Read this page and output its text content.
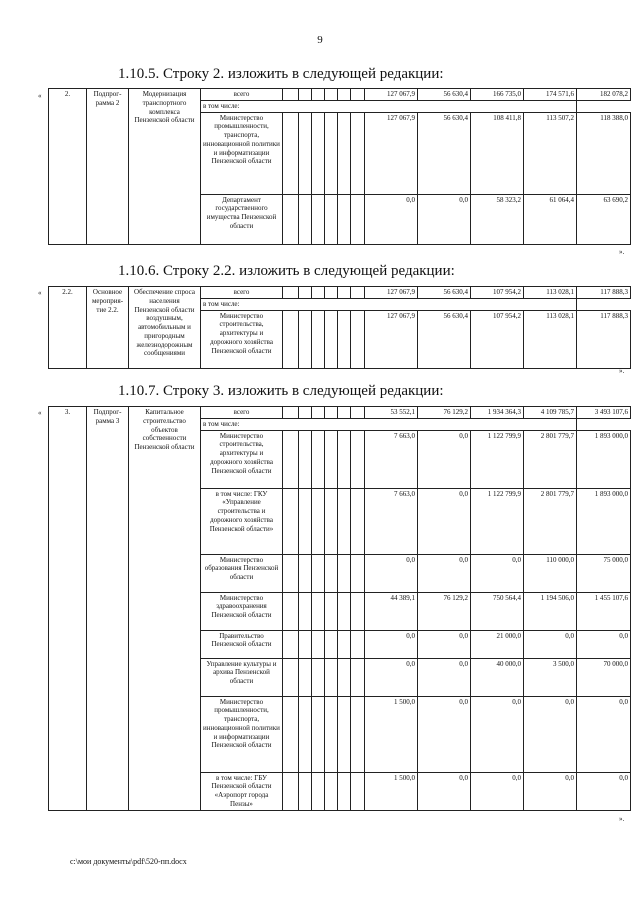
9
1.10.5. Строку 2. изложить в следующей редакции:
1.10.6. Строку 2.2. изложить в следующей редакции:
1.10.7. Строку 3. изложить в следующей редакции:
«
».
«
».
«
».
2.	Подпрог-рамма 2	Модернизация транспортного комплекса Пензенской области	всего							127 067,9	56 630,4	166 735,0	174 571,6	182 078,2
			в том числе:											
			Министерство промышленности, транспорта, инновационной политики и информатизации Пензенской области							127 067,9	56 630,4	108 411,8	113 507,2	118 388,0
			Департамент государственного имущества Пензенской области							0,0	0,0	58 323,2	61 064,4	63 690,2
2.2.	Основное мероприя-тие 2.2.	Обеспечение спроса населения Пензенской области воздушным, автомобильным и пригородным железнодорожным сообщениями	всего							127 067,9	56 630,4	107 954,2	113 028,1	117 888,3
			в том числе:											
			Министерство строительства, архитектуры и дорожного хозяйства Пензенской области							127 067,9	56 630,4	107 954,2	113 028,1	117 888,3
3.	Подпрог-рамма 3	Капитальное строительство объектов собственности Пензенской области	всего							53 552,1	76 129,2	1 934 364,3	4 109 785,7	3 493 107,6
			в том числе:											
			Министерство строительства, архитектуры и дорожного хозяйства Пензенской области							7 663,0	0,0	1 122 799,9	2 801 779,7	1 893 000,0
			в том числе: ГКУ «Управление строительства и дорожного хозяйства Пензенской области»							7 663,0	0,0	1 122 799,9	2 801 779,7	1 893 000,0
			Министерство образования Пензенской области							0,0	0,0	0,0	110 000,0	75 000,0
			Министерство здравоохранения Пензенской области							44 389,1	76 129,2	750 564,4	1 194 506,0	1 455 107,6
			Правительство Пензенской области							0,0	0,0	21 000,0	0,0	0,0
			Управление культуры и архива Пензенской области							0,0	0,0	40 000,0	3 500,0	70 000,0
			Министерство промышленности, транспорта, инновационной политики и информатизации Пензенской области							1 500,0	0,0	0,0	0,0	0,0
			в том числе: ГБУ Пензенской области «Аэропорт города Пензы»							1 500,0	0,0	0,0	0,0	0,0
c:\мои документы\pdf\520-пп.docx
